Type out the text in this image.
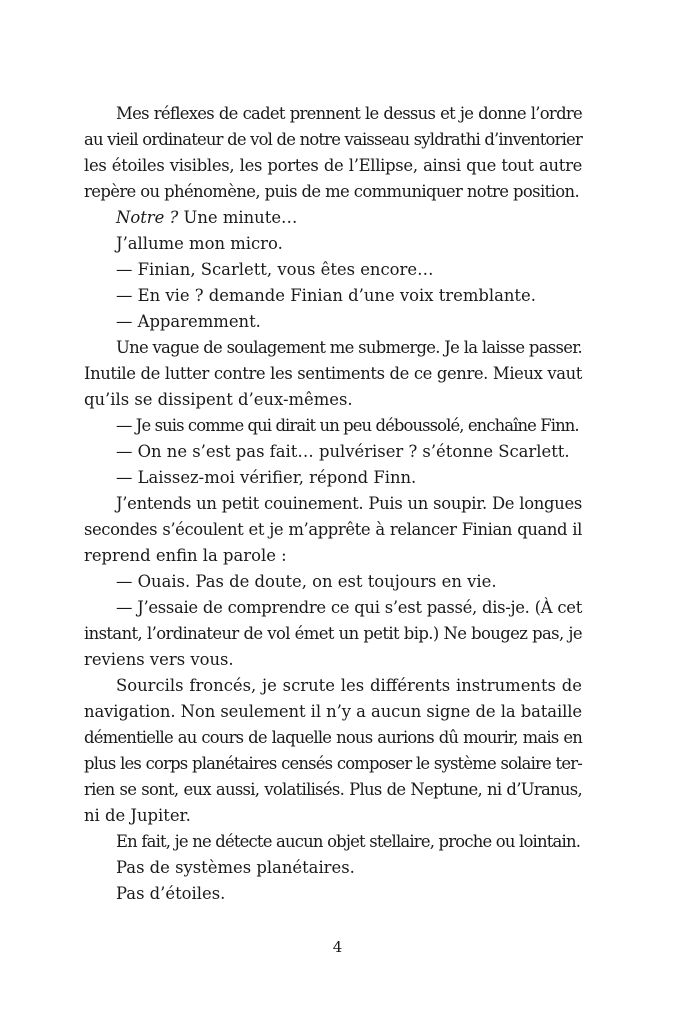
Mes réflexes de cadet prennent le dessus et je donne l’ordre
au vieil ordinateur de vol de notre vaisseau syldrathi d’inventorier
les étoiles visibles, les portes de l’Ellipse, ainsi que tout autre
repère ou phénomène, puis de me communiquer notre position.
Notre ? Une minute…
J’allume mon micro.
— Finian, Scarlett, vous êtes encore…
— En vie ? demande Finian d’une voix tremblante.
— Apparemment.
Une vague de soulagement me submerge. Je la laisse passer.
Inutile de lutter contre les sentiments de ce genre. Mieux vaut
qu’ils se dissipent d’eux-mêmes.
— Je suis comme qui dirait un peu déboussolé, enchaîne Finn.
— On ne s’est pas fait… pulvériser ? s’étonne Scarlett.
— Laissez-moi vérifier, répond Finn.
J’entends un petit couinement. Puis un soupir. De longues
secondes s’écoulent et je m’apprête à relancer Finian quand il
reprend enfin la parole :
— Ouais. Pas de doute, on est toujours en vie.
— J’essaie de comprendre ce qui s’est passé, dis-je. (À cet
instant, l’ordinateur de vol émet un petit bip.) Ne bougez pas, je
reviens vers vous.
Sourcils froncés, je scrute les différents instruments de
navigation. Non seulement il n’y a aucun signe de la bataille
démentielle au cours de laquelle nous aurions dû mourir, mais en
plus les corps planétaires censés composer le système solaire ter-
rien se sont, eux aussi, volatilisés. Plus de Neptune, ni d’Uranus,
ni de Jupiter.
En fait, je ne détecte aucun objet stellaire, proche ou lointain.
Pas de systèmes planétaires.
Pas d’étoiles.
4
